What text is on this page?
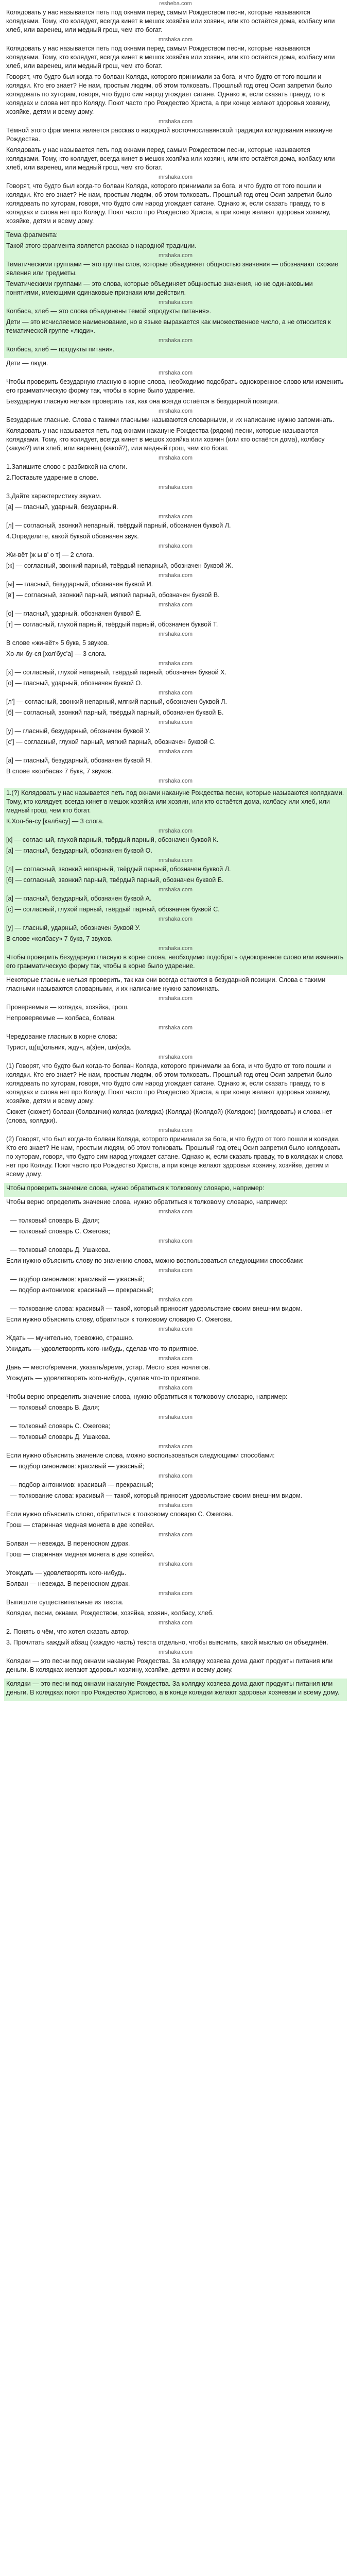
resheba.com

Колядовать у нас называется петь под окнами перед самым Рождеством песни, которые называются колядками. Тому, кто колядует, всегда кинет в мешок хозяйка или хозяин, или кто остаётся дома, колбасу или хлеб, или варенец, или медный грош, чем кто богат.

mrshaka.com

Колядовать у нас называется петь под окнами перед самым Рождеством песни, которые называются колядками. Тому, кто колядует, всегда кинет в мешок хозяйка или хозяин, или кто остаётся дома, колбасу или хлеб, или варенец, или медный грош, чем кто богат.

Говорят, что будто был когда-то болван Коляда, которого принимали за бога, и что будто от того пошли и колядки. Кто его знает? Не нам, простым людям, об этом толковать. Прошлый год отец Осип запретил было колядовать по хуторам, говоря, что будто сим народ угождает сатане. Однако ж, если сказать правду, то в колядках и слова нет про Коляду. Поют часто про Рождество Христа, а при конце желают здоровья хозяину, хозяйке, детям и всему дому.

mrshaka.com

Тёмной этого фрагмента является рассказ о народной восточнославянской традиции колядования накануне Рождества.

Колядовать у нас называется петь под окнами перед самым Рождеством песни, которые называются колядками. Тому, кто колядует, всегда кинет в мешок хозяйка или хозяин, или кто остаётся дома, колбасу или хлеб, или варенец, или медный грош, чем кто богат.

mrshaka.com

Говорят, что будто был когда-то болван Коляда, которого принимали за бога, и что будто от того пошли и колядки. Кто его знает? Не нам, простым людям, об этом толковать. Прошлый год отец Осип запретил было колядовать по хуторам, говоря, что будто сим народ угождает сатане. Однако ж, если сказать правду, то в колядках и слова нет про Коляду. Поют часто про Рождество Христа, а при конце желают здоровья хозяину, хозяйке, детям и всему дому.

Тема фрагмента:

Такой этого фрагмента является рассказ о народной традиции.

mrshaka.com

Тематическими группами — это группы слов, которые объединяет общностью значения — обозначают схожие явления или предметы.

Тематическими группами — это слова, которые объединяет общностью значения, но не одинаковыми понятиями, имеющими одинаковые признаки или действия.

mrshaka.com

Колбаса, хлеб — это слова объединены темой «продукты питания».

Дети — это исчисляемое наименование, но в языке выражается как множественное число, а не относится к тематической группе «люди».

mrshaka.com

Колбаса, хлеб — продукты питания.

Дети — люди.

mrshaka.com

Чтобы проверить безударную гласную в корне слова, необходимо подобрать однокоренное слово или изменить его грамматическую форму так, чтобы в корне было ударение.

Безударную гласную нельзя проверить так, как она всегда остаётся в безударной позиции.

mrshaka.com

Безударные гласные. Слова с такими гласными называются словарными, и их написание нужно запоминать.

Колядовать у нас называется петь под окнами накануне Рождества (рядом) песни, которые называются колядками. Тому, кто колядует, всегда кинет в мешок хозяйка или хозяин (или кто остаётся дома), колбасу (какую?) или хлеб, или варенец (какой?), или медный грош, чем кто богат.

mrshaka.com

1.Запишите слово с разбивкой на слоги.

2.Поставьте ударение в слове.

mrshaka.com

3.Дайте характеристику звукам.

[а] — гласный, ударный, безударный.

mrshaka.com

[л] — согласный, звонкий непарный, твёрдый парный, обозначен буквой Л.

4.Определите, какой буквой обозначен звук.

mrshaka.com

Жи-вёт [ж ы в' о т] — 2 слога.

[ж] — согласный, звонкий парный, твёрдый непарный, обозначен буквой Ж.

mrshaka.com

[ы] — гласный, безударный, обозначен буквой И.

[в'] — согласный, звонкий парный, мягкий парный, обозначен буквой В.

mrshaka.com

[о] — гласный, ударный, обозначен буквой Ё.

[т] — согласный, глухой парный, твёрдый парный, обозначен буквой Т.

mrshaka.com

В слове «жи-вёт» 5 букв, 5 звуков.

Хо-ли-бу-ся [хол'бус'а] — 3 слога.

mrshaka.com

[х] — согласный, глухой непарный, твёрдый парный, обозначен буквой Х.

[о] — гласный, ударный, обозначен буквой О.

mrshaka.com

[л'] — согласный, звонкий непарный, мягкий парный, обозначен буквой Л.

[б] — согласный, звонкий парный, твёрдый парный, обозначен буквой Б.

mrshaka.com

[у] — гласный, безударный, обозначен буквой У.

[с'] — согласный, глухой парный, мягкий парный, обозначен буквой С.

mrshaka.com

[а] — гласный, безударный, обозначен буквой Я.

В слове «колбаса» 7 букв, 7 звуков.

mrshaka.com

1.(?) Колядовать у нас называется петь под окнами накануне Рождества песни, которые называются колядками. Тому, кто колядует, всегда кинет в мешок хозяйка или хозяин, или кто остаётся дома, колбасу или хлеб, или медный грош, чем кто богат.

К.Хол-ба-су [калбасу] — 3 слога.

mrshaka.com

[к] — согласный, глухой парный, твёрдый парный, обозначен буквой К.

[а] — гласный, безударный, обозначен буквой О.

mrshaka.com

[л] — согласный, звонкий непарный, твёрдый парный, обозначен буквой Л.

[б] — согласный, звонкий парный, твёрдый парный, обозначен буквой Б.

mrshaka.com

[а] — гласный, безударный, обозначен буквой А.

[с] — согласный, глухой парный, твёрдый парный, обозначен буквой С.

mrshaka.com

[у] — гласный, ударный, обозначен буквой У.

В слове «колбасу» 7 букв, 7 звуков.

mrshaka.com

Чтобы проверить безударную гласную в корне слова, необходимо подобрать однокоренное слово или изменить его грамматическую форму так, чтобы в корне было ударение.

Некоторые гласные нельзя проверить, так как они всегда остаются в безударной позиции. Слова с такими гласными называются словарными, и их написание нужно запоминать.

mrshaka.com

Проверяемые — колядка, хозяйка, грош.

Непроверяемые — колбаса, болван.

mrshaka.com

Чередование гласных в корне слова:

Турист, щ(щ)ольник, ждун, а(з)ен, шк(ск)а.

mrshaka.com

(1) Говорят, что будто был когда-то болван Коляда, которого принимали за бога, и что будто от того пошли и колядки. Кто его знает? Не нам, простым людям, об этом толковать. Прошлый год отец Осип запретил было колядовать по хуторам, говоря, что будто сим народ угождает сатане. Однако ж, если сказать правду, то в колядках и слова нет про Коляду. Поют часто про Рождество Христа, а при конце желают здоровья хозяину, хозяйке, детям и всему дому.

Сюжет (сюжет) болван (болванчик) коляда (колядка) (Коляда) (Колядой) (Колядою) (колядовать) и слова нет (слова, колядки).

mrshaka.com

(2) Говорят, что был когда-то болван Коляда, которого принимали за бога, и что будто от того пошли и колядки. Кто его знает? Не нам, простым людям, об этом толковать. Прошлый год отец Осип запретил было колядовать по хуторам, говоря, что будто сим народ угождает сатане. Однако ж, если сказать правду, то в колядках и слова нет про Коляду. Поют часто про Рождество Христа, а при конце желают здоровья хозяину, хозяйке, детям и всему дому.

Чтобы проверить значение слова, нужно обратиться к толковому словарю, например:

Чтобы верно определить значение слова, нужно обратиться к толковому словарю, например:

mrshaka.com

— толковый словарь В. Даля;

— толковый словарь С. Ожегова;

mrshaka.com

— толковый словарь Д. Ушакова.

Если нужно объяснить слову по значению слова, можно воспользоваться следующими способами:

mrshaka.com

— подбор синонимов: красивый — ужасный;

— подбор антонимов: красивый — прекрасный;

mrshaka.com

— толкование слова: красивый — такой, который приносит удовольствие своим внешним видом.

Если нужно объяснить слову, обратиться к толковому словарю С. Ожегова.

mrshaka.com

Ждать — мучительно, тревожно, страшно.

Ужидать — удовлетворять кого-нибудь, сделав что-то приятное.

mrshaka.com

Дань — место/времени, указать/время, устар. Место всех ночлегов.

Угождать — удовлетворять кого-нибудь, сделав что-то приятное.

mrshaka.com

Чтобы верно определить значение слова, нужно обратиться к толковому словарю, например:

— толковый словарь В. Даля;

mrshaka.com

— толковый словарь С. Ожегова;

— толковый словарь Д. Ушакова.

mrshaka.com

Если нужно объяснить значение слова, можно воспользоваться следующими способами:

— подбор синонимов: красивый — ужасный;

mrshaka.com

— подбор антонимов: красивый — прекрасный;

— толкование слова: красивый — такой, который приносит удовольствие своим внешним видом.

mrshaka.com

Если нужно объяснить слово, обратиться к толковому словарю С. Ожегова.

Грош — старинная медная монета в две копейки.

mrshaka.com

Болван — невежда. В переносном дурак.

Грош — старинная медная монета в две копейки.

mrshaka.com

Угождать — удовлетворять кого-нибудь.

Болван — невежда. В переносном дурак.

mrshaka.com

Выпишите существительные из текста.

Колядки, песни, окнами, Рождеством, хозяйка, хозяин, колбасу, хлеб.

mrshaka.com

2. Понять о чём, что хотел сказать автор.

3. Прочитать каждый абзац (каждую часть) текста отдельно, чтобы выяснить, какой мыслью он объединён.

mrshaka.com

Колядки — это песни под окнами накануне Рождества. За колядку хозяева дома дают продукты питания или деньги. В колядках желают здоровья хозяину, хозяйке, детям и всему дому.

Колядки — это песни под окнами накануне Рождества. За колядку хозяева дома дают продукты питания или деньги. В колядках поют про Рождество Христово, а в конце колядки желают здоровья хозяевам и всему дому.
